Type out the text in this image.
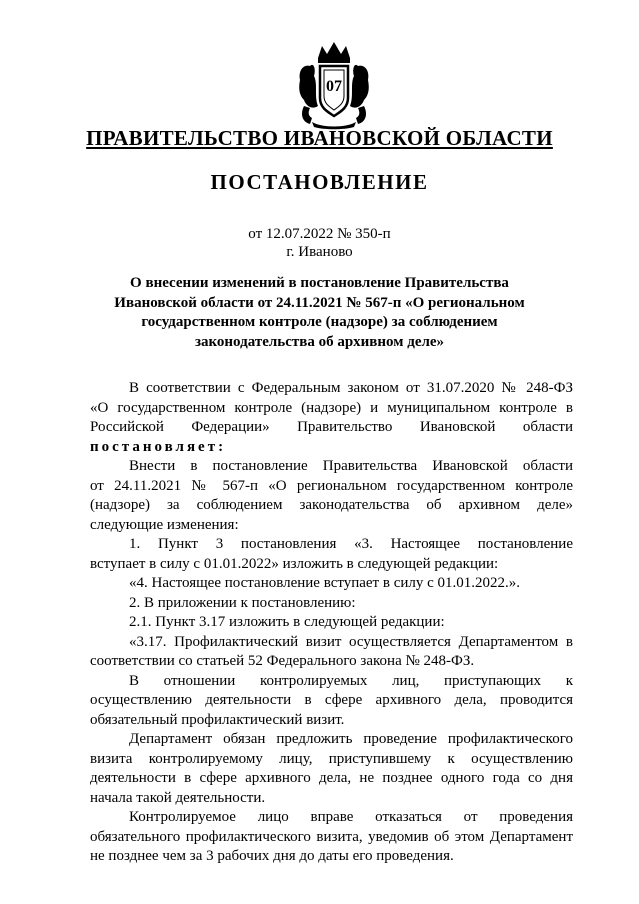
07
ПРАВИТЕЛЬСТВО ИВАНОВСКОЙ ОБЛАСТИ
ПОСТАНОВЛЕНИЕ
от 12.07.2022 № 350-п
г. Иваново
О внесении изменений в постановление Правительства
Ивановской области от 24.11.2021 № 567-п «О региональном
государственном контроле (надзоре) за соблюдением
законодательства об архивном деле»
В соответствии с Федеральным законом от 31.07.2020 № 248-ФЗ
«О государственном контроле (надзоре) и муниципальном контроле в
Российской Федерации» Правительство Ивановской области
постановляет:
Внести в постановление Правительства Ивановской области
от 24.11.2021 № 567-п «О региональном государственном контроле
(надзоре) за соблюдением законодательства об архивном деле»
следующие изменения:
1. Пункт 3 постановления «3. Настоящее постановление
вступает в силу с 01.01.2022» изложить в следующей редакции:
«4. Настоящее постановление вступает в силу с 01.01.2022.».
2. В приложении к постановлению:
2.1. Пункт 3.17 изложить в следующей редакции:
«3.17. Профилактический визит осуществляется Департаментом в
соответствии со статьей 52 Федерального закона № 248-ФЗ.
В отношении контролируемых лиц, приступающих к
осуществлению деятельности в сфере архивного дела, проводится
обязательный профилактический визит.
Департамент обязан предложить проведение профилактического
визита контролируемому лицу, приступившему к осуществлению
деятельности в сфере архивного дела, не позднее одного года со дня
начала такой деятельности.
Контролируемое лицо вправе отказаться от проведения
обязательного профилактического визита, уведомив об этом Департамент
не позднее чем за 3 рабочих дня до даты его проведения.
